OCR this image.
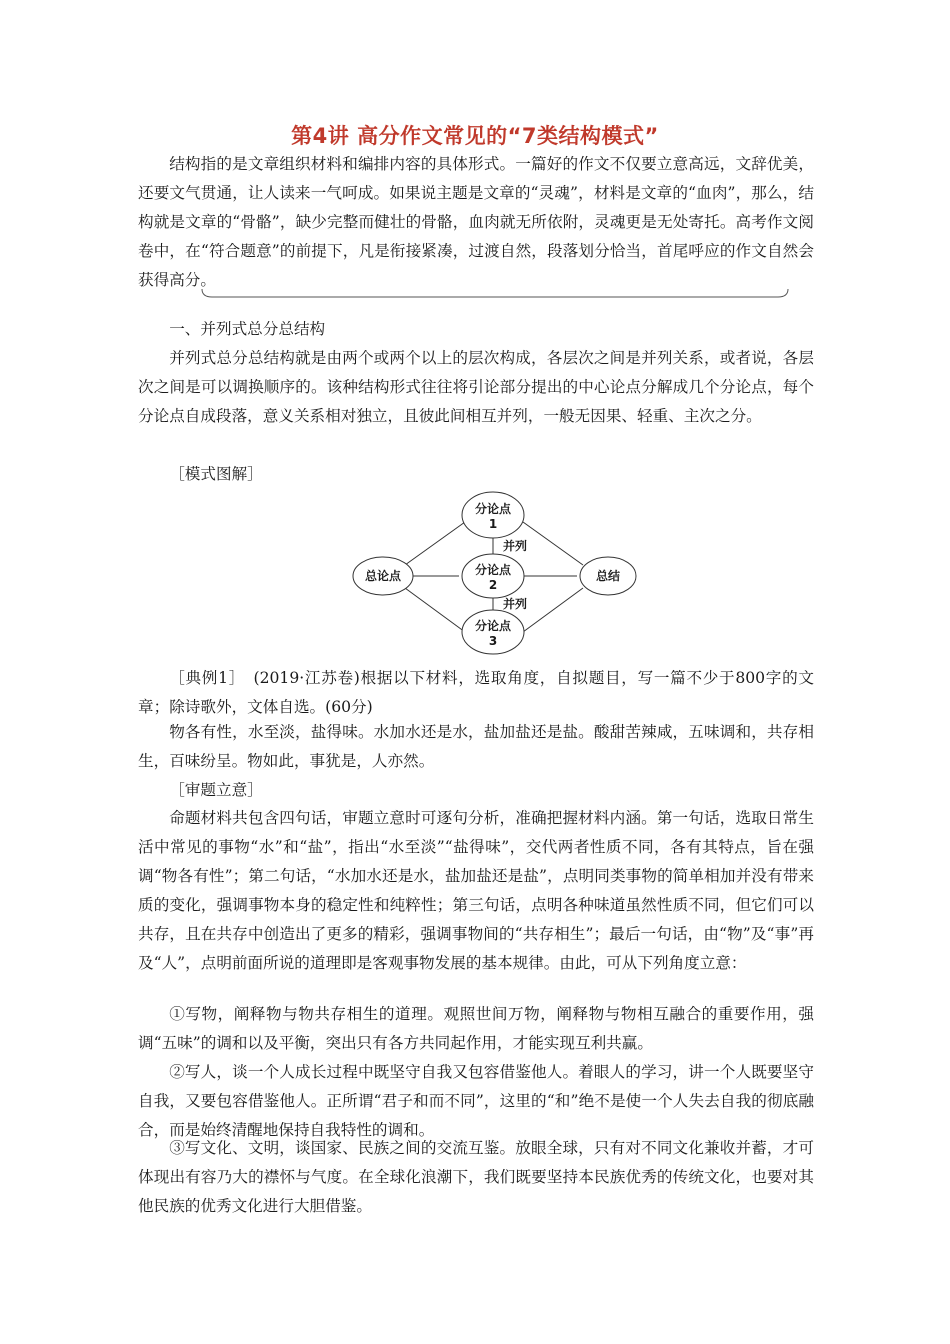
第4讲 高分作文常见的“7类结构模式”

结构指的是文章组织材料和编排内容的具体形式。一篇好的作文不仅要立意高远，文辞优美，还要文气贯通，让人读来一气呵成。如果说主题是文章的“灵魂”，材料是文章的“血肉”，那么，结构就是文章的“骨骼”，缺少完整而健壮的骨骼，血肉就无所依附，灵魂更是无处寄托。高考作文阅卷中，在“符合题意”的前提下，凡是衔接紧凑，过渡自然，段落划分恰当，首尾呼应的作文自然会获得高分。

一、并列式总分总结构

并列式总分总结构就是由两个或两个以上的层次构成，各层次之间是并列关系，或者说，各层次之间是可以调换顺序的。该种结构形式往往将引论部分提出的中心论点分解成几个分论点，每个分论点自成段落，意义关系相对独立，且彼此间相互并列，一般无因果、轻重、主次之分。

［模式图解］

总论点
分论点
1
分论点
2
分论点
3
总结
并列
并列

［典例1］　(2019·江苏卷)根据以下材料，选取角度，自拟题目，写一篇不少于800字的文章；除诗歌外，文体自选。(60分)

物各有性，水至淡，盐得味。水加水还是水，盐加盐还是盐。酸甜苦辣咸，五味调和，共存相生，百味纷呈。物如此，事犹是，人亦然。

［审题立意］

命题材料共包含四句话，审题立意时可逐句分析，准确把握材料内涵。第一句话，选取日常生活中常见的事物“水”和“盐”，指出“水至淡”“盐得味”，交代两者性质不同，各有其特点，旨在强调“物各有性”；第二句话，“水加水还是水，盐加盐还是盐”，点明同类事物的简单相加并没有带来质的变化，强调事物本身的稳定性和纯粹性；第三句话，点明各种味道虽然性质不同，但它们可以共存，且在共存中创造出了更多的精彩，强调事物间的“共存相生”；最后一句话，由“物”及“事”再及“人”，点明前面所说的道理即是客观事物发展的基本规律。由此，可从下列角度立意：

①写物，阐释物与物共存相生的道理。观照世间万物，阐释物与物相互融合的重要作用，强调“五味”的调和以及平衡，突出只有各方共同起作用，才能实现互利共赢。

②写人，谈一个人成长过程中既坚守自我又包容借鉴他人。着眼人的学习，讲一个人既要坚守自我，又要包容借鉴他人。正所谓“君子和而不同”，这里的“和”绝不是使一个人失去自我的彻底融合，而是始终清醒地保持自我特性的调和。

③写文化、文明，谈国家、民族之间的交流互鉴。放眼全球，只有对不同文化兼收并蓄，才可体现出有容乃大的襟怀与气度。在全球化浪潮下，我们既要坚持本民族优秀的传统文化，也要对其他民族的优秀文化进行大胆借鉴。
